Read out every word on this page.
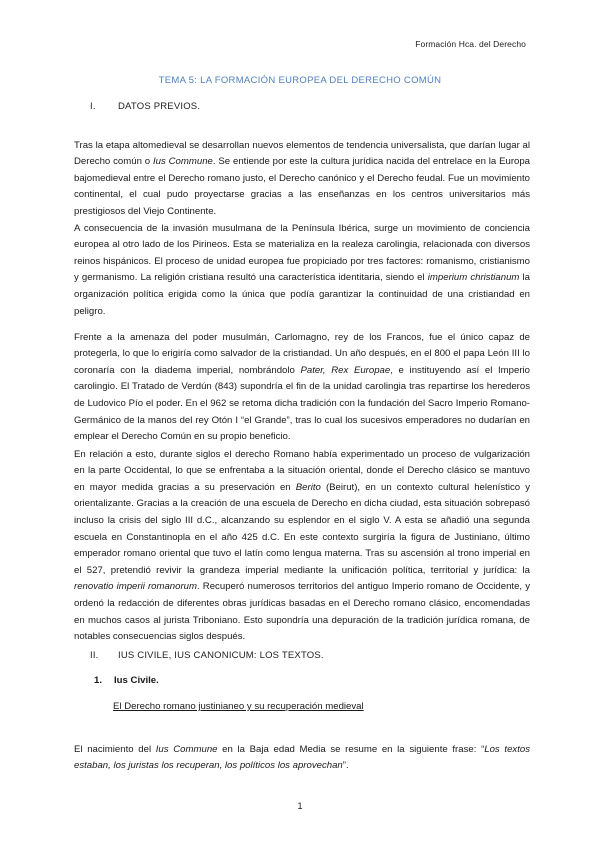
Formación Hca. del Derecho
TEMA 5: LA FORMACIÓN EUROPEA DEL DERECHO COMÚN
I. DATOS PREVIOS.

Tras la etapa altomedieval se desarrollan nuevos elementos de tendencia universalista, que darían lugar al Derecho común o Ius Commune. Se entiende por este la cultura jurídica nacida del entrelace en la Europa bajomedieval entre el Derecho romano justo, el Derecho canónico y el Derecho feudal. Fue un movimiento continental, el cual pudo proyectarse gracias a las enseñanzas en los centros universitarios más prestigiosos del Viejo Continente.

A consecuencia de la invasión musulmana de la Península Ibérica, surge un movimiento de conciencia europea al otro lado de los Pirineos. Esta se materializa en la realeza carolingia, relacionada con diversos reinos hispánicos. El proceso de unidad europea fue propiciado por tres factores: romanismo, cristianismo y germanismo. La religión cristiana resultó una característica identitaria, siendo el imperium christianum la organización política erigida como la única que podía garantizar la continuidad de una cristiandad en peligro.

Frente a la amenaza del poder musulmán, Carlomagno, rey de los Francos, fue el único capaz de protegerla, lo que lo erigiría como salvador de la cristiandad. Un año después, en el 800 el papa León III lo coronaría con la diadema imperial, nombrándolo Pater, Rex Europae, e instituyendo así el Imperio carolingio. El Tratado de Verdún (843) supondría el fin de la unidad carolingia tras repartirse los herederos de Ludovico Pío el poder. En el 962 se retoma dicha tradición con la fundación del Sacro Imperio Romano-Germánico de la manos del rey Otón I “el Grande”, tras lo cual los sucesivos emperadores no dudarían en emplear el Derecho Común en su propio beneficio.

En relación a esto, durante siglos el derecho Romano había experimentado un proceso de vulgarización en la parte Occidental, lo que se enfrentaba a la situación oriental, donde el Derecho clásico se mantuvo en mayor medida gracias a su preservación en Berito (Beirut), en un contexto cultural helenístico y orientalizante. Gracias a la creación de una escuela de Derecho en dicha ciudad, esta situación sobrepasó incluso la crisis del siglo III d.C., alcanzando su esplendor en el siglo V. A esta se añadió una segunda escuela en Constantinopla en el año 425 d.C. En este contexto surgiría la figura de Justiniano, último emperador romano oriental que tuvo el latín como lengua materna. Tras su ascensión al trono imperial en el 527, pretendió revivir la grandeza imperial mediante la unificación política, territorial y jurídica: la renovatio imperii romanorum. Recuperó numerosos territorios del antiguo Imperio romano de Occidente, y ordenó la redacción de diferentes obras jurídicas basadas en el Derecho romano clásico, encomendadas en muchos casos al jurista Triboniano. Esto supondría una depuración de la tradición jurídica romana, de notables consecuencias siglos después.

II. IUS CIVILE, IUS CANONICUM: LOS TEXTOS.
1. Ius Civile.
El Derecho romano justinianeo y su recuperación medieval

El nacimiento del Ius Commune en la Baja edad Media se resume en la siguiente frase: “Los textos estaban, los juristas los recuperan, los políticos los aprovechan”.

1
